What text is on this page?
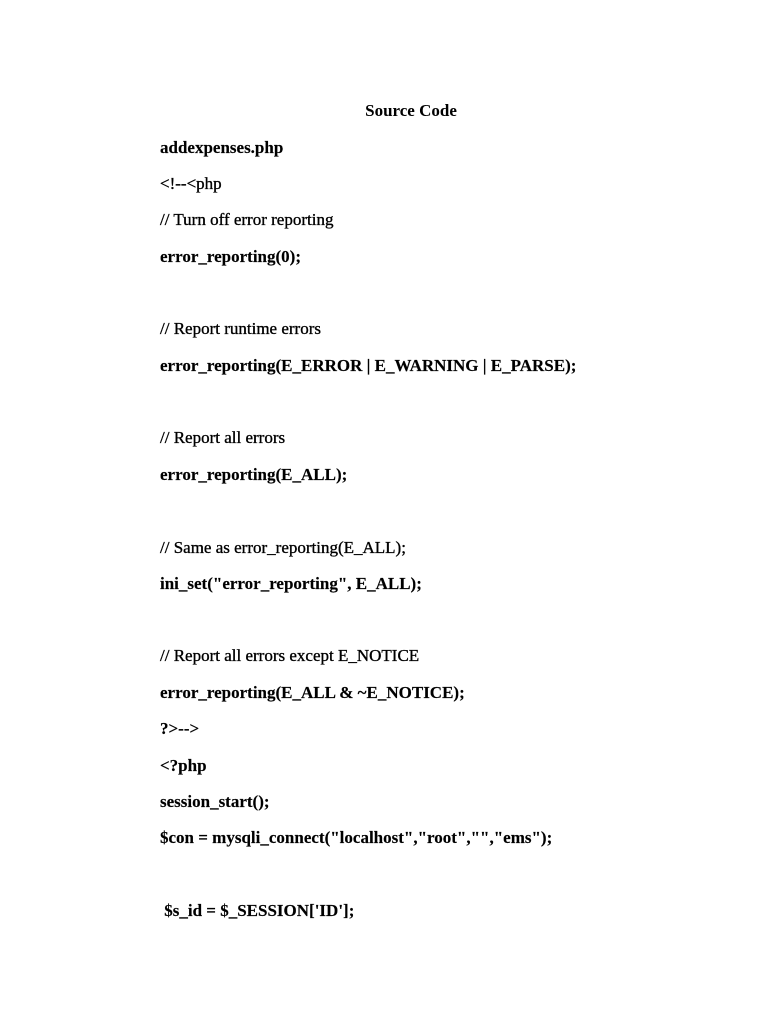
Source Code
addexpenses.php
<!--<php
// Turn off error reporting
error_reporting(0);
// Report runtime errors
error_reporting(E_ERROR | E_WARNING | E_PARSE);
// Report all errors
error_reporting(E_ALL);
// Same as error_reporting(E_ALL);
ini_set("error_reporting", E_ALL);
// Report all errors except E_NOTICE
error_reporting(E_ALL & ~E_NOTICE);
?>-->
<?php
session_start();
$con = mysqli_connect("localhost","root","","ems");
$s_id = $_SESSION['ID'];
